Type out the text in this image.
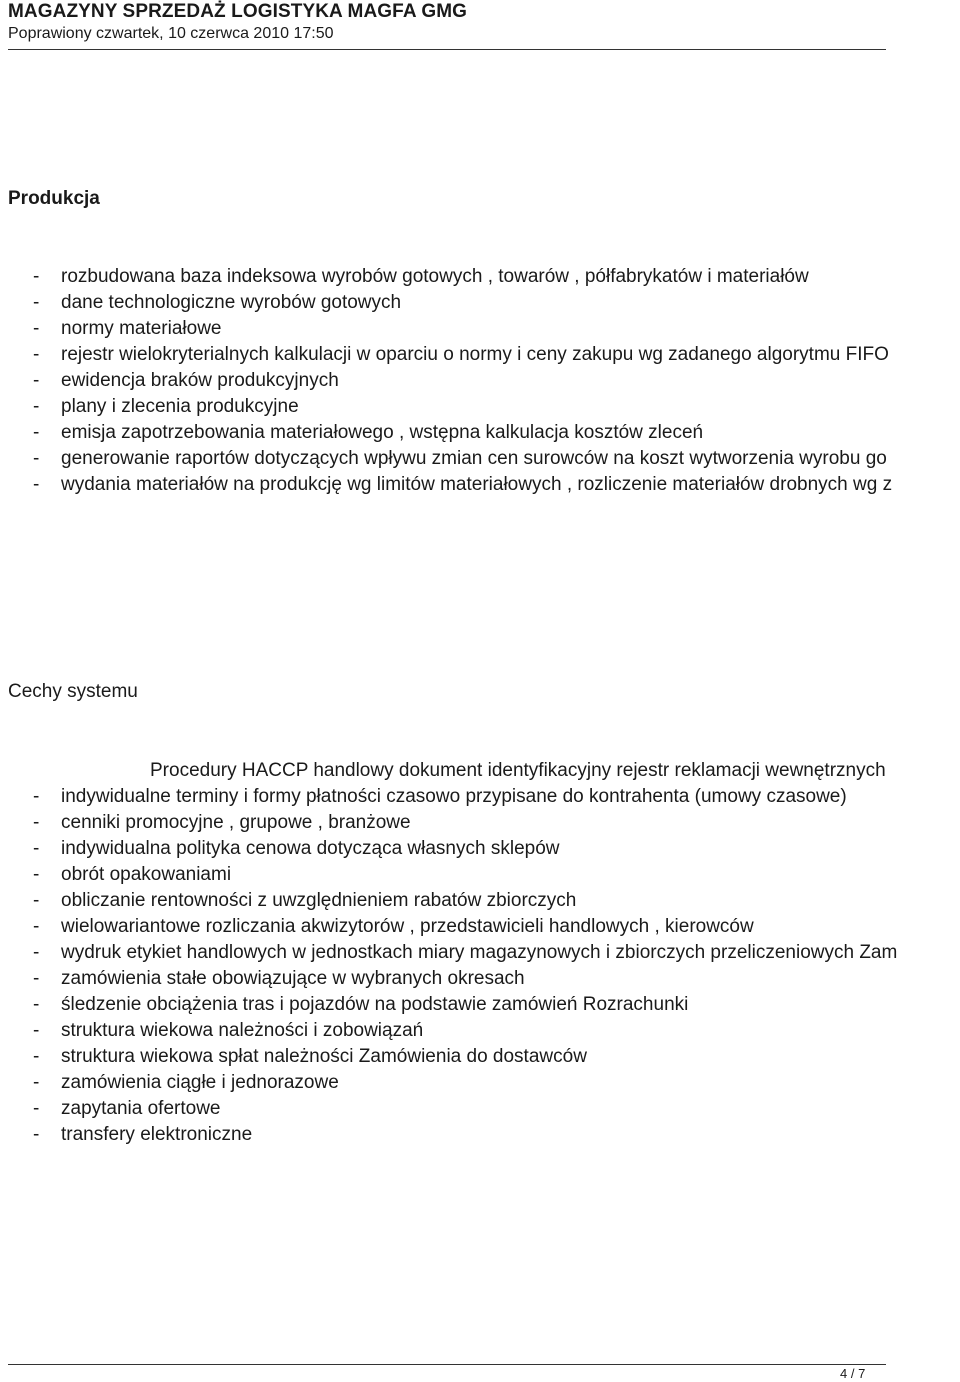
MAGAZYNY SPRZEDAŻ LOGISTYKA MAGFA GMG
Poprawiony czwartek, 10 czerwca 2010 17:50
Produkcja
- rozbudowana baza indeksowa wyrobów gotowych , towarów , półfabrykatów i materiałów
- dane technologiczne wyrobów gotowych
- normy materiałowe
- rejestr wielokryterialnych kalkulacji w oparciu o normy i ceny zakupu wg zadanego algorytmu FIFO
- ewidencja braków produkcyjnych
- plany i zlecenia produkcyjne
- emisja zapotrzebowania materiałowego , wstępna kalkulacja kosztów zleceń
- generowanie raportów dotyczących wpływu zmian cen surowców na koszt wytworzenia wyrobu go
- wydania materiałów na produkcję wg limitów materiałowych , rozliczenie materiałów drobnych wg z
Cechy systemu
Procedury HACCP handlowy dokument identyfikacyjny rejestr reklamacji wewnętrznych
- indywidualne terminy i formy płatności czasowo przypisane do kontrahenta (umowy czasowe)
- cenniki promocyjne , grupowe , branżowe
- indywidualna polityka cenowa dotycząca własnych sklepów
- obrót opakowaniami
- obliczanie rentowności z uwzględnieniem rabatów zbiorczych
- wielowariantowe rozliczania akwizytorów , przedstawicieli handlowych , kierowców
- wydruk etykiet handlowych w jednostkach miary magazynowych i zbiorczych przeliczeniowych Zam
- zamówienia stałe obowiązujące w wybranych okresach
- śledzenie obciążenia tras i pojazdów na podstawie zamówień Rozrachunki
- struktura wiekowa należności i zobowiązań
- struktura wiekowa spłat należności Zamówienia do dostawców
- zamówienia ciągłe i jednorazowe
- zapytania ofertowe
- transfery elektroniczne
4 / 7
